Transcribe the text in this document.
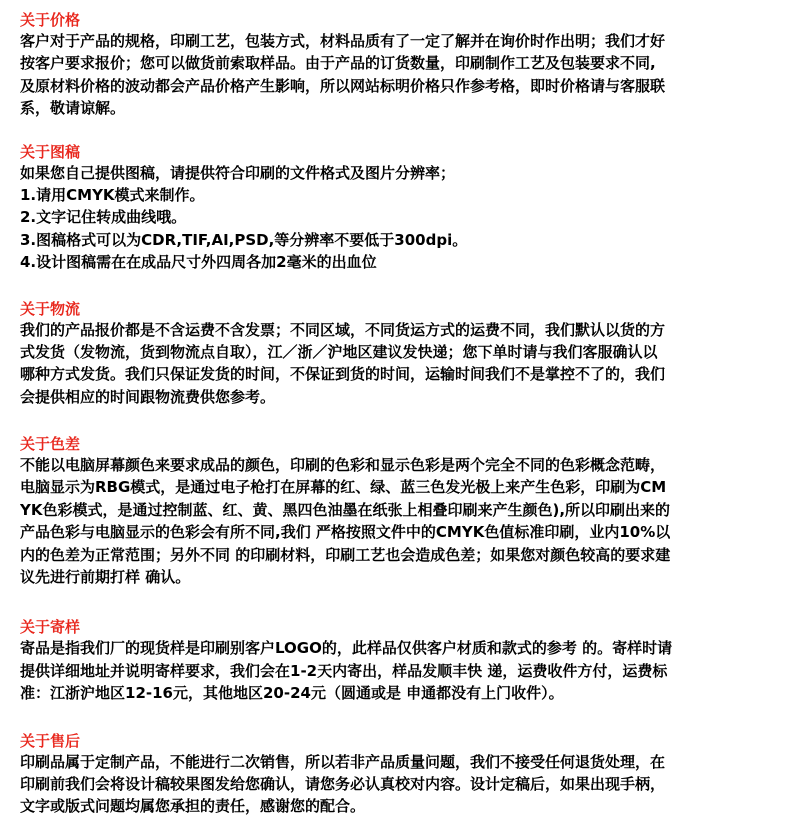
关于价格
客户对于产品的规格，印刷工艺，包装方式，材料品质有了一定了解并在询价时作出明；我们才好
按客户要求报价；您可以做货前索取样品。由于产品的订货数量，印刷制作工艺及包装要求不同,
及原材料价格的波动都会产品价格产生影响，所以网站标明价格只作参考格，即时价格请与客服联
系，敬请谅解。
关于图稿
如果您自己提供图稿，请提供符合印刷的文件格式及图片分辨率；
1.请用CMYK模式来制作。
2.文字记住转成曲线哦。
3.图稿格式可以为CDR,TIF,AI,PSD,等分辨率不要低于300dpi。
4.设计图稿需在在成品尺寸外四周各加2毫米的出血位
关于物流
我们的产品报价都是不含运费不含发票；不同区域，不同货运方式的运费不同，我们默认以货的方
式发货（发物流，货到物流点自取），江／浙／沪地区建议发快递；您下单时请与我们客服确认以
哪种方式发货。我们只保证发货的时间，不保证到货的时间，运输时间我们不是掌控不了的，我们
会提供相应的时间跟物流费供您参考。
关于色差
不能以电脑屏幕颜色来要求成品的颜色，印刷的色彩和显示色彩是两个完全不同的色彩概念范畴，
电脑显示为RBG模式，是通过电子枪打在屏幕的红、绿、蓝三色发光极上来产生色彩，印刷为CM
YK色彩模式，是通过控制蓝、红、黄、黑四色油墨在纸张上相叠印刷来产生颜色),所以印刷出来的
产品色彩与电脑显示的色彩会有所不同,我们 严格按照文件中的CMYK色值标准印刷，业内10%以
内的色差为正常范围；另外不同 的印刷材料，印刷工艺也会造成色差；如果您对颜色较高的要求建
议先进行前期打样 确认。
关于寄样
寄品是指我们厂的现货样是印刷别客户LOGO的，此样品仅供客户材质和款式的参考 的。寄样时请
提供详细地址并说明寄样要求，我们会在1-2天内寄出，样品发顺丰快 递，运费收件方付，运费标
准：江浙沪地区12-16元，其他地区20-24元（圆通或是 申通都没有上门收件）。
关于售后
印刷品属于定制产品，不能进行二次销售，所以若非产品质量问题，我们不接受任何退货处理，在
印刷前我们会将设计稿较果图发给您确认，请您务必认真校对内容。设计定稿后，如果出现手柄，
文字或版式问题均属您承担的责任，感谢您的配合。
